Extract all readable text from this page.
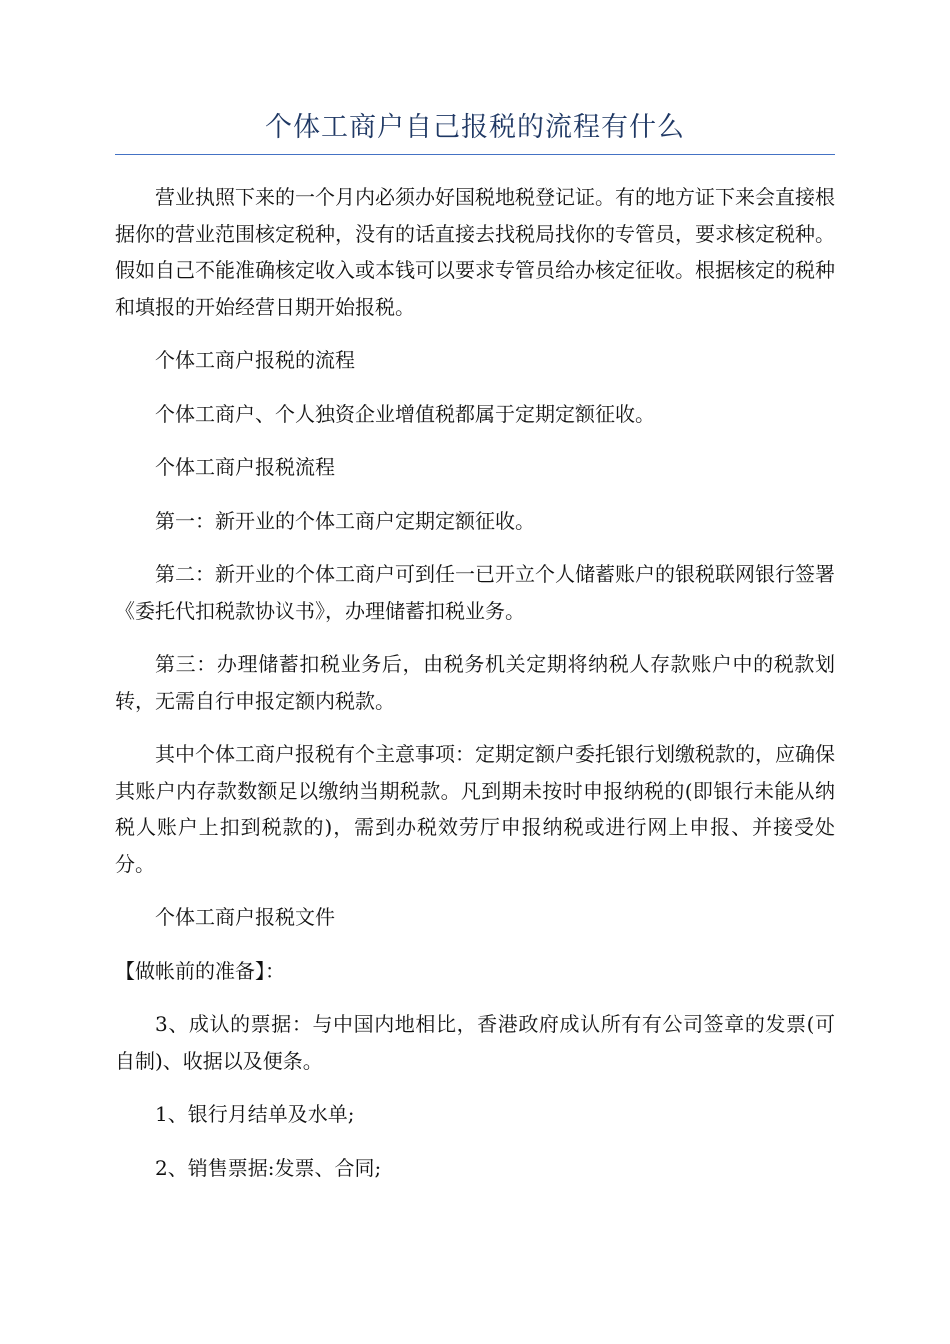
个体工商户自己报税的流程有什么

营业执照下来的一个月内必须办好国税地税登记证。有的地方证下来会直接根据你的营业范围核定税种，没有的话直接去找税局找你的专管员，要求核定税种。假如自己不能准确核定收入或本钱可以要求专管员给办核定征收。根据核定的税种和填报的开始经营日期开始报税。

个体工商户报税的流程

个体工商户、个人独资企业增值税都属于定期定额征收。

个体工商户报税流程

第一：新开业的个体工商户定期定额征收。

第二：新开业的个体工商户可到任一已开立个人储蓄账户的银税联网银行签署《委托代扣税款协议书》，办理储蓄扣税业务。

第三：办理储蓄扣税业务后，由税务机关定期将纳税人存款账户中的税款划转，无需自行申报定额内税款。

其中个体工商户报税有个主意事项：定期定额户委托银行划缴税款的，应确保其账户内存款数额足以缴纳当期税款。凡到期未按时申报纳税的(即银行未能从纳税人账户上扣到税款的)，需到办税效劳厅申报纳税或进行网上申报、并接受处分。

个体工商户报税文件

【做帐前的准备】：

3、成认的票据：与中国内地相比，香港政府成认所有有公司签章的发票(可自制)、收据以及便条。

1、银行月结单及水单;

2、销售票据:发票、合同;
